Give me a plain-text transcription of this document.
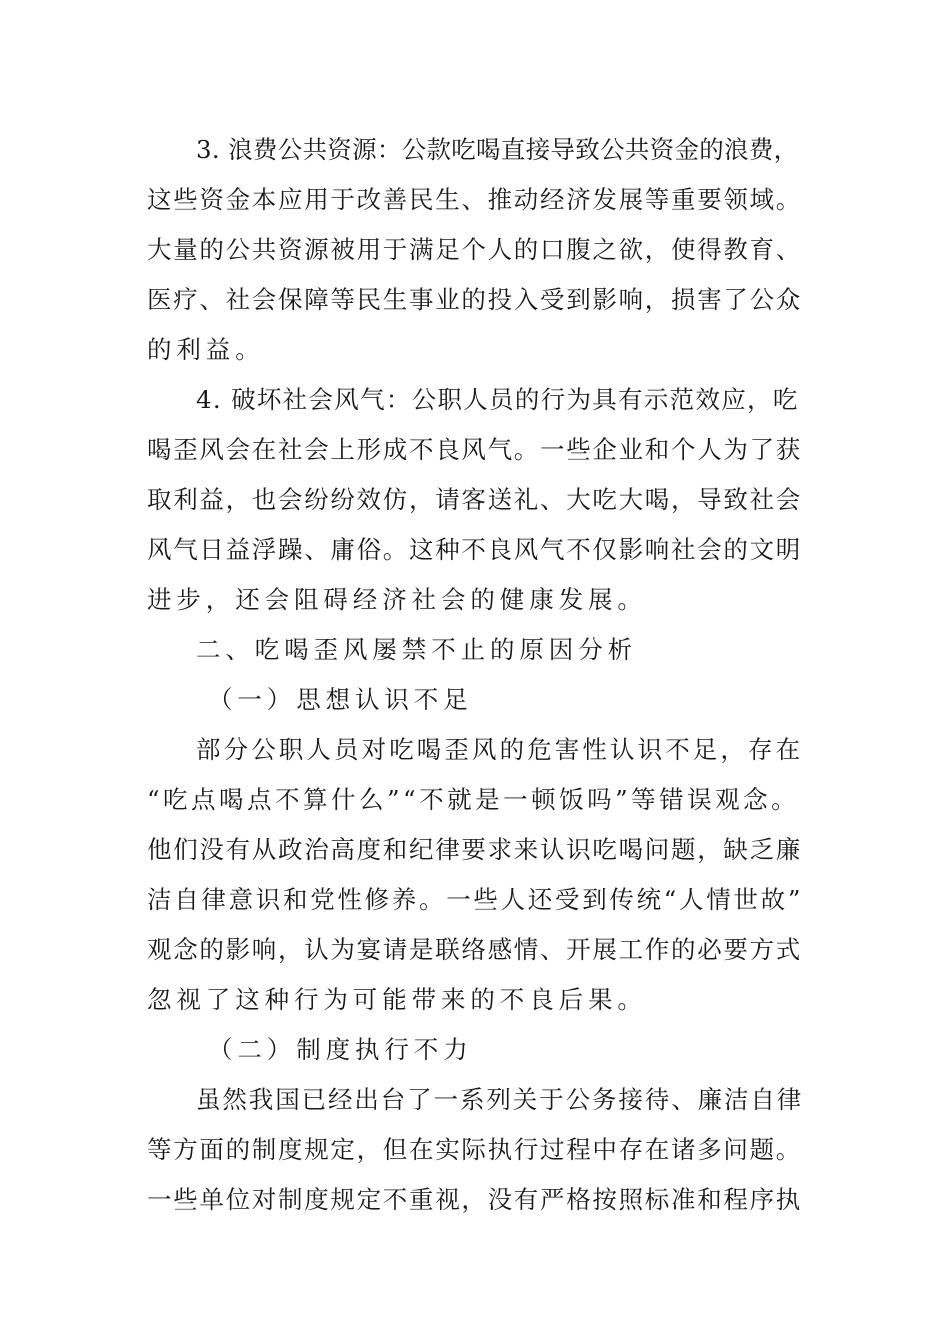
3. 浪费公共资源：公款吃喝直接导致公共资金的浪费，
这些资金本应用于改善民生、推动经济发展等重要领域。
大量的公共资源被用于满足个人的口腹之欲，使得教育、
医疗、社会保障等民生事业的投入受到影响，损害了公众
的利益。
4. 破坏社会风气：公职人员的行为具有示范效应，吃
喝歪风会在社会上形成不良风气。一些企业和个人为了获
取利益，也会纷纷效仿，请客送礼、大吃大喝，导致社会
风气日益浮躁、庸俗。这种不良风气不仅影响社会的文明
进步，还会阻碍经济社会的健康发展。
二、吃喝歪风屡禁不止的原因分析
（一）思想认识不足
部分公职人员对吃喝歪风的危害性认识不足，存在
“吃点喝点不算什么”“不就是一顿饭吗”等错误观念。
他们没有从政治高度和纪律要求来认识吃喝问题，缺乏廉
洁自律意识和党性修养。一些人还受到传统“人情世故”
观念的影响，认为宴请是联络感情、开展工作的必要方式
忽视了这种行为可能带来的不良后果。
（二）制度执行不力
虽然我国已经出台了一系列关于公务接待、廉洁自律
等方面的制度规定，但在实际执行过程中存在诸多问题。
一些单位对制度规定不重视，没有严格按照标准和程序执
